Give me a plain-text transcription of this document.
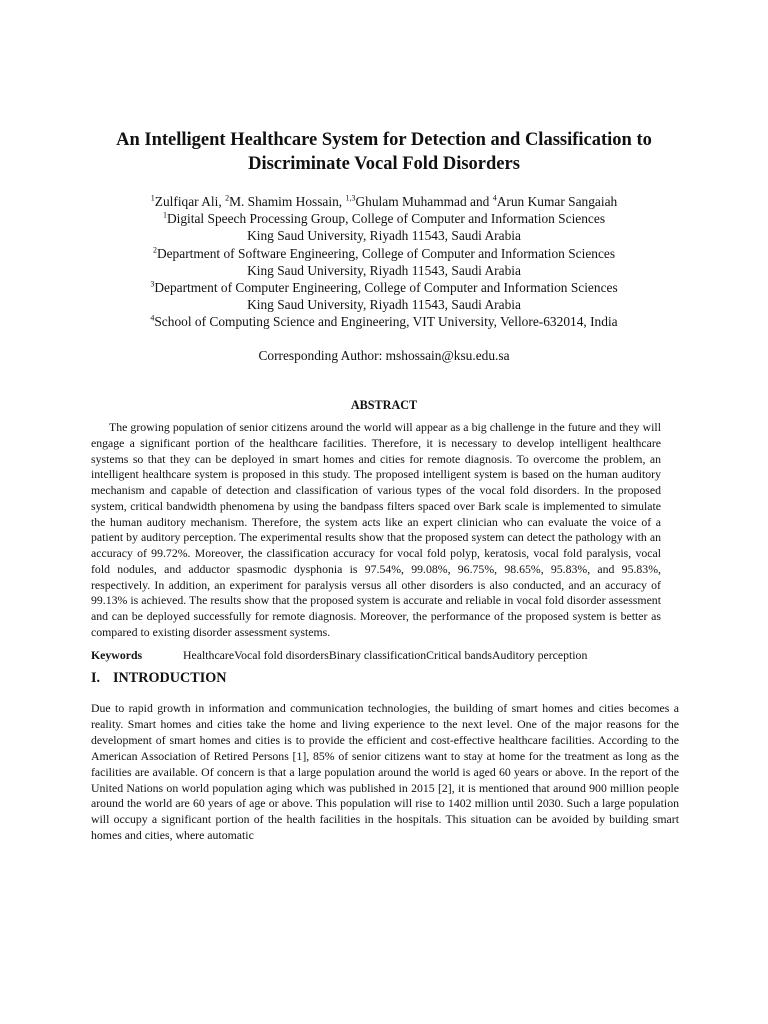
An Intelligent Healthcare System for Detection and Classification to
Discriminate Vocal Fold Disorders
$^1$Zulfiqar Ali, $^2$M. Shamim Hossain, $^{1,3}$Ghulam Muhammad and $^4$Arun Kumar Sangaiah
$^1$Digital Speech Processing Group, College of Computer and Information Sciences
King Saud University, Riyadh 11543, Saudi Arabia
$^2$Department of Software Engineering, College of Computer and Information Sciences
King Saud University, Riyadh 11543, Saudi Arabia
$^3$Department of Computer Engineering, College of Computer and Information Sciences
King Saud University, Riyadh 11543, Saudi Arabia
$^4$School of Computing Science and Engineering, VIT University, Vellore-632014, India
Corresponding Author: mshossain@ksu.edu.sa
ABSTRACT

The growing population of senior citizens around the world will appear as a big challenge in the future and they will engage a significant portion of the healthcare facilities. Therefore, it is necessary to develop intelligent healthcare systems so that they can be deployed in smart homes and cities for remote diagnosis. To overcome the problem, an intelligent healthcare system is proposed in this study. The proposed intelligent system is based on the human auditory mechanism and capable of detection and classification of various types of the vocal fold disorders. In the proposed system, critical bandwidth phenomena by using the bandpass filters spaced over Bark scale is implemented to simulate the human auditory mechanism. Therefore, the system acts like an expert clinician who can evaluate the voice of a patient by auditory perception. The experimental results show that the proposed system can detect the pathology with an accuracy of 99.72%. Moreover, the classification accuracy for vocal fold polyp, keratosis, vocal fold paralysis, vocal fold nodules, and adductor spasmodic dysphonia is 97.54%, 99.08%, 96.75%, 98.65%, 95.83%, and 95.83%, respectively. In addition, an experiment for paralysis versus all other disorders is also conducted, and an accuracy of 99.13% is achieved. The results show that the proposed system is accurate and reliable in vocal fold disorder assessment and can be deployed successfully for remote diagnosis. Moreover, the performance of the proposed system is better as compared to existing disorder assessment systems.

Keywords	HealthcareVocal fold disordersBinary classificationCritical bandsAuditory perception
I. INTRODUCTION

Due to rapid growth in information and communication technologies, the building of smart homes and cities becomes a reality. Smart homes and cities take the home and living experience to the next level. One of the major reasons for the development of smart homes and cities is to provide the efficient and cost-effective healthcare facilities. According to the American Association of Retired Persons [1], 85% of senior citizens want to stay at home for the treatment as long as the facilities are available. Of concern is that a large population around the world is aged 60 years or above. In the report of the United Nations on world population aging which was published in 2015 [2], it is mentioned that around 900 million people around the world are 60 years of age or above. This population will rise to 1402 million until 2030. Such a large population will occupy a significant portion of the health facilities in the hospitals. This situation can be avoided by building smart homes and cities, where automatic
